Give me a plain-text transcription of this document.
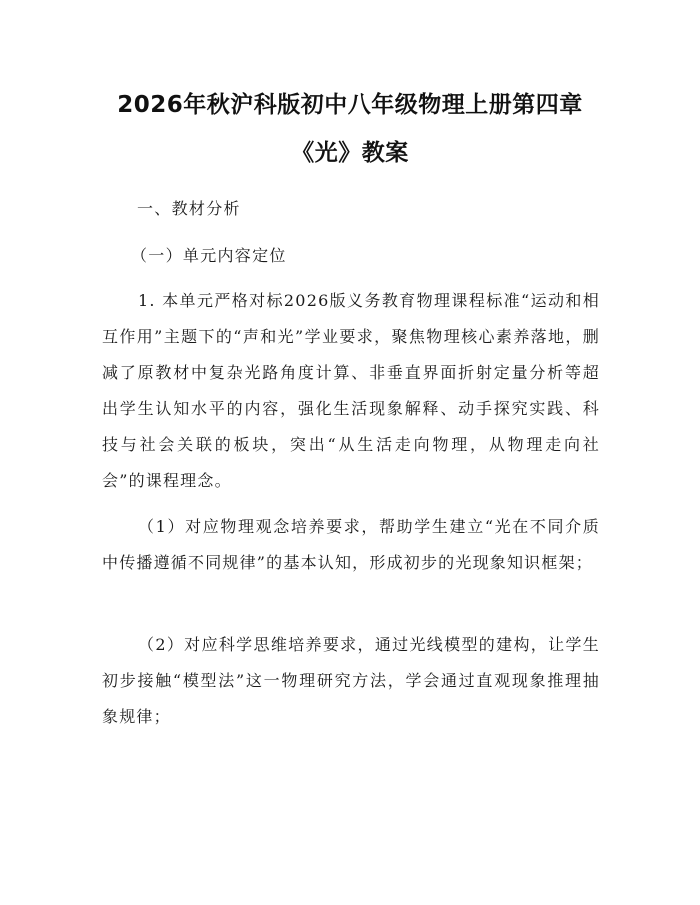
2026年秋沪科版初中八年级物理上册第四章
《光》教案
一、教材分析
（一）单元内容定位

1. 本单元严格对标2026版义务教育物理课程标准“运动和相互作用”主题下的“声和光”学业要求，聚焦物理核心素养落地，删减了原教材中复杂光路角度计算、非垂直界面折射定量分析等超出学生认知水平的内容，强化生活现象解释、动手探究实践、科技与社会关联的板块，突出“从生活走向物理，从物理走向社会”的课程理念。

（1）对应物理观念培养要求，帮助学生建立“光在不同介质中传播遵循不同规律”的基本认知，形成初步的光现象知识框架；

（2）对应科学思维培养要求，通过光线模型的建构，让学生初步接触“模型法”这一物理研究方法，学会通过直观现象推理抽象规律；
